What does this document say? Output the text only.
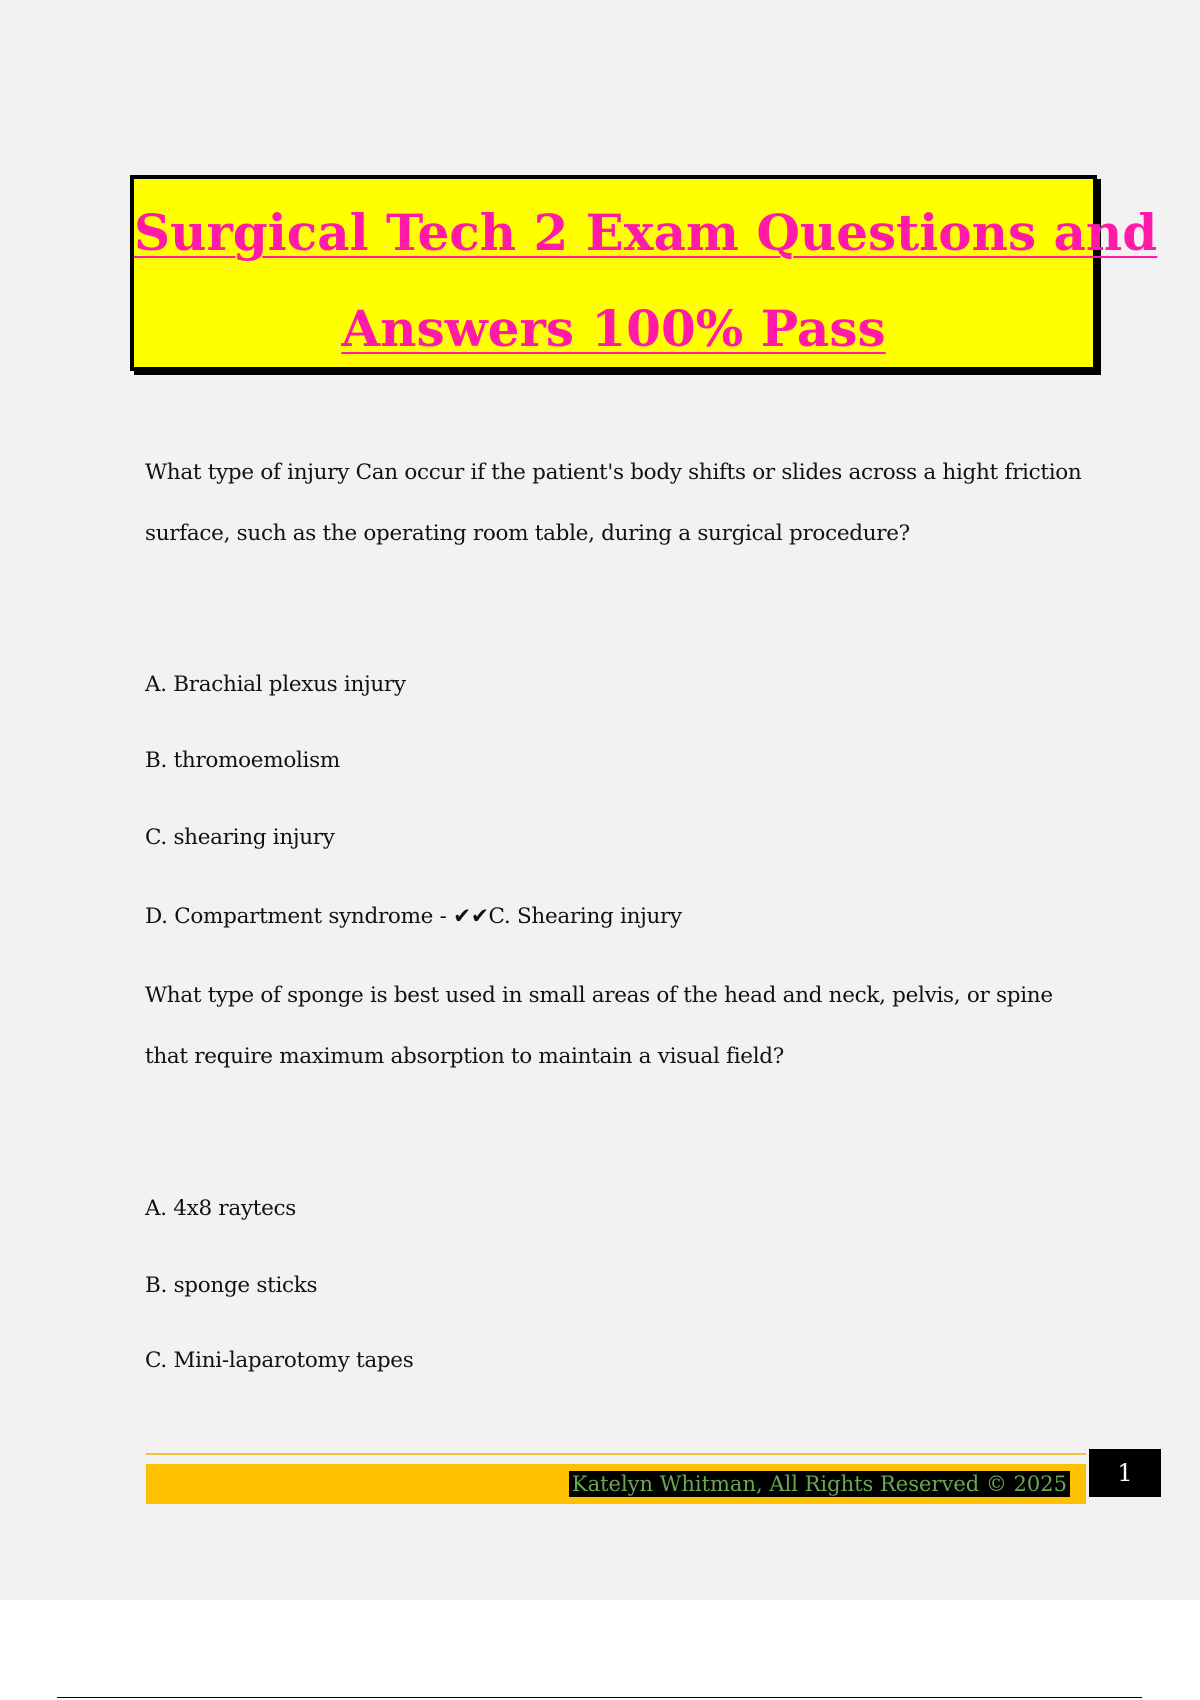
Surgical Tech 2 Exam Questions and
Answers 100% Pass
What type of injury Can occur if the patient's body shifts or slides across a hight friction
surface, such as the operating room table, during a surgical procedure?
A. Brachial plexus injury
B. thromoemolism
C. shearing injury
D. Compartment syndrome - ✔✔C. Shearing injury
What type of sponge is best used in small areas of the head and neck, pelvis, or spine
that require maximum absorption to maintain a visual field?
A. 4x8 raytecs
B. sponge sticks
C. Mini-laparotomy tapes
Katelyn Whitman, All Rights Reserved © 2025	1
